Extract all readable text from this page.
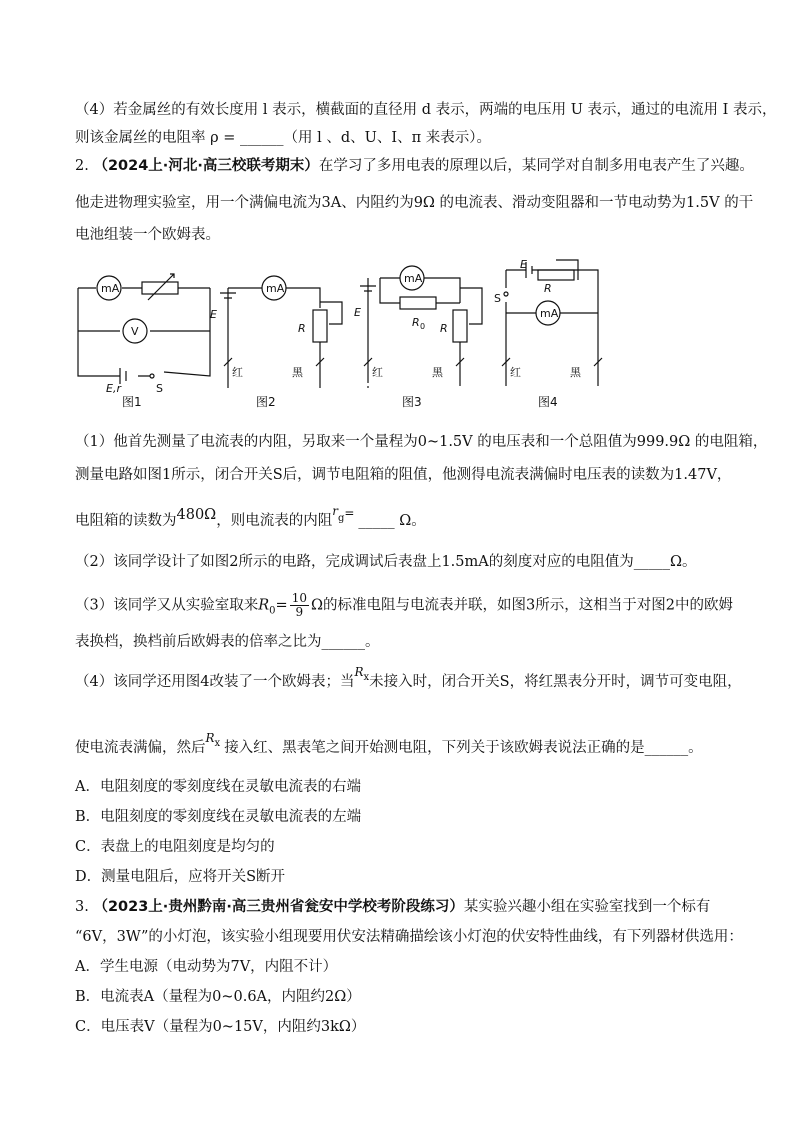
（4）若金属丝的有效长度用 l 表示，横截面的直径用 d 表示，两端的电压用 U 表示，通过的电流用 I 表示，
则该金属丝的电阻率 ρ = ______（用 l 、d、U、I、π 来表示）。
2. （2024上·河北·高三校联考期末）在学习了多用电表的原理以后，某同学对自制多用电表产生了兴趣。
他走进物理实验室，用一个满偏电流为3A、内阻约为9Ω 的电流表、滑动变阻器和一节电动势为1.5V 的干
电池组装一个欧姆表。
mA
V
E,r	S
图1
mA
E
R
红	黑
图2
mA
E
R 0 R
红	黑
图3
E
R
S
mA
红	黑
图4
（1）他首先测量了电流表的内阻，另取来一个量程为0~1.5V 的电压表和一个总阻值为999.9Ω 的电阻箱，
测量电路如图1所示，闭合开关S后，调节电阻箱的阻值，他测得电流表满偏时电压表的读数为1.47V，
电阻箱的读数为480Ω，则电流表的内阻$^r_g$= _____ Ω。
（2）该同学设计了如图2所示的电路，完成调试后表盘上1.5mA的刻度对应的电阻值为_____Ω。
（3）该同学又从实验室取来$R_0= \frac{10}{9}$ Ω的标准电阻与电流表并联，如图3所示，这相当于对图2中的欧姆
表换档，换档前后欧姆表的倍率之比为______。
（4）该同学还用图4改装了一个欧姆表；当$^R_x$未接入时，闭合开关S，将红黑表分开时，调节可变电阻，
使电流表满偏，然后$^R_x$ 接入红、黑表笔之间开始测电阻，下列关于该欧姆表说法正确的是______。
A．电阻刻度的零刻度线在灵敏电流表的右端
B．电阻刻度的零刻度线在灵敏电流表的左端
C．表盘上的电阻刻度是均匀的
D．测量电阻后，应将开关S断开
3. （2023上·贵州黔南·高三贵州省瓮安中学校考阶段练习）某实验兴趣小组在实验室找到一个标有
“6V，3W”的小灯泡，该实验小组现要用伏安法精确描绘该小灯泡的伏安特性曲线，有下列器材供选用：
A．学生电源（电动势为7V，内阻不计）
B．电流表A（量程为0~0.6A，内阻约2Ω）
C．电压表V（量程为0~15V，内阻约3kΩ）
